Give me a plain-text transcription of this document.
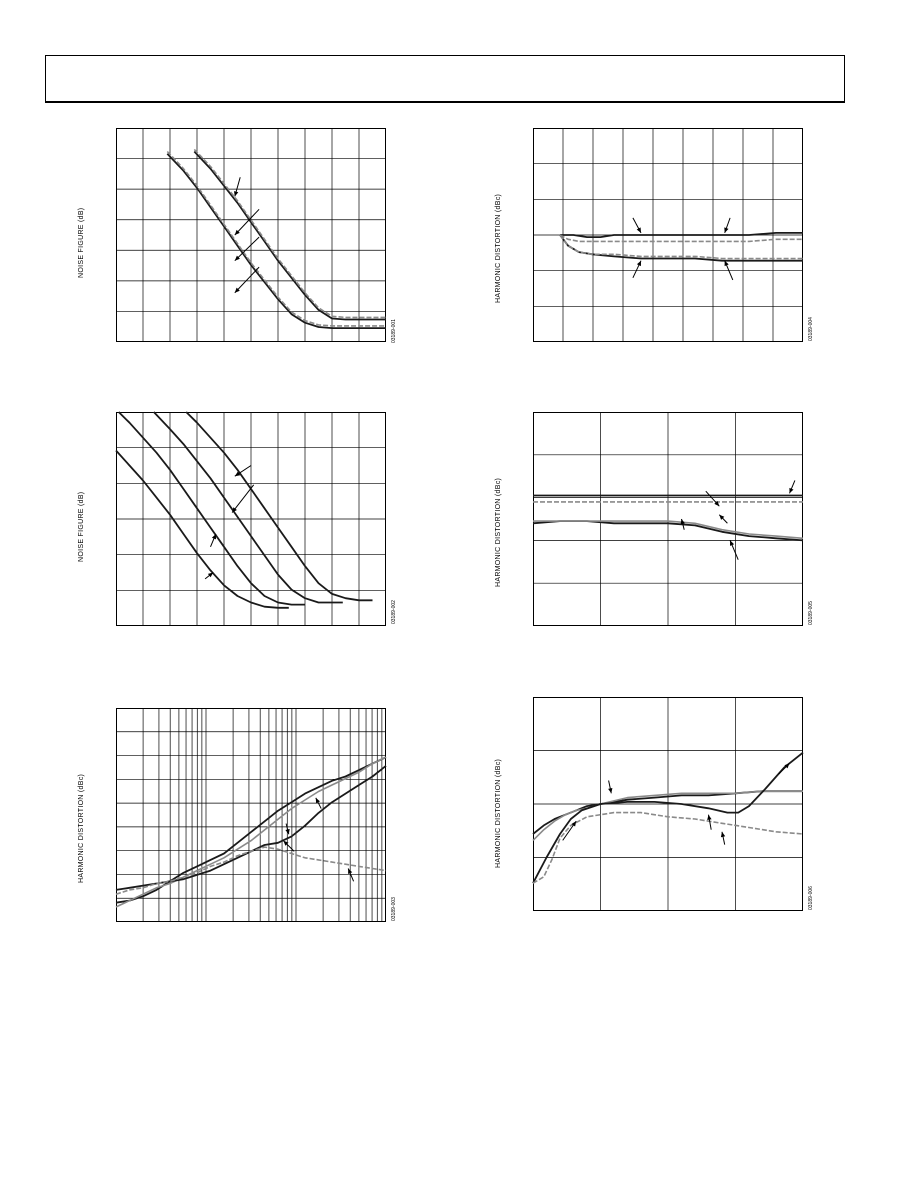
NOISE FIGURE (dB)
03189-001
NOISE FIGURE (dB)
03189-002
HARMONIC DISTORTION (dBc)
03189-003
HARMONIC DISTORTION (dBc)
03189-004
HARMONIC DISTORTION (dBc)
03189-005
HARMONIC DISTORTION (dBc)
03189-006
